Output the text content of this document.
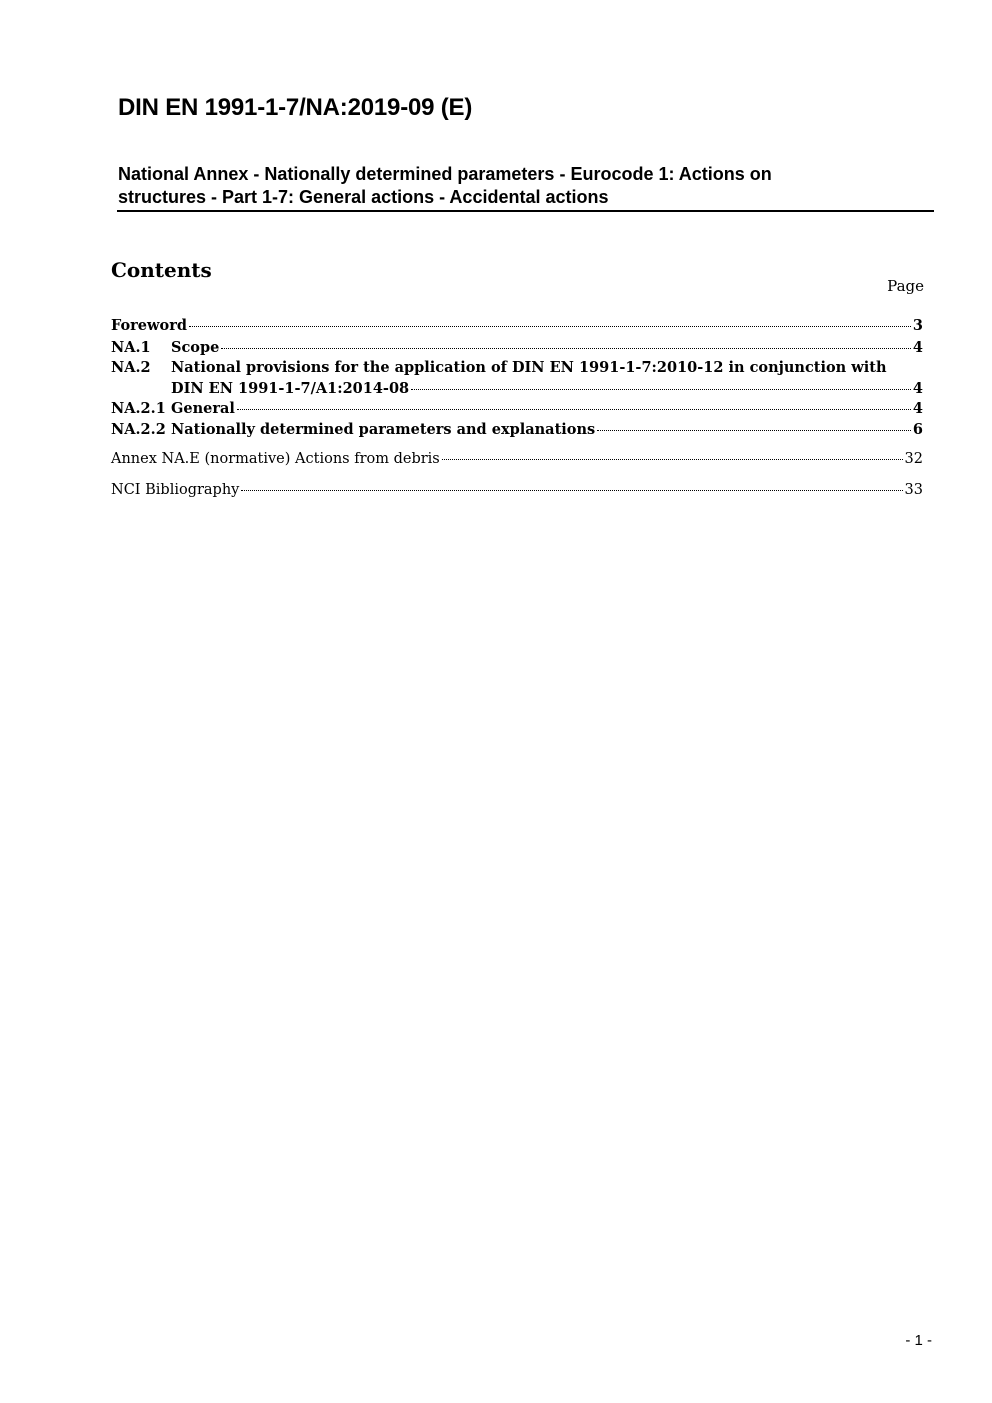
DIN EN 1991-1-7/NA:2019-09 (E)
National Annex - Nationally determined parameters - Eurocode 1: Actions on
structures - Part 1-7: General actions - Accidental actions
Contents
Page
Foreword	3
NA.1	Scope	4
NA.2	National provisions for the application of DIN EN 1991-1-7:2010-12 in conjunction with
DIN EN 1991-1-7/A1:2014-08	4
NA.2.1 General	4
NA.2.2 Nationally determined parameters and explanations	6
Annex NA.E (normative) Actions from debris	32
NCI Bibliography	33
- 1 -
